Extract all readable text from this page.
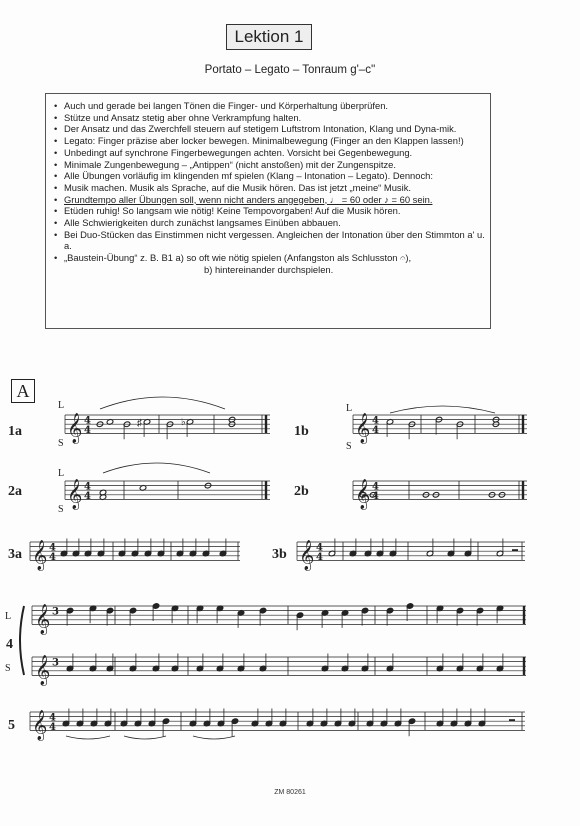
Lektion 1
Portato – Legato – Tonraum g'–c''
• Auch und gerade bei langen Tönen die Finger- und Körperhaltung überprüfen.
• Stütze und Ansatz stetig aber ohne Verkrampfung halten.
• Der Ansatz und das Zwerchfell steuern auf stetigem Luftstrom Intonation, Klang und Dyna-mik.
• Legato: Finger präzise aber locker bewegen. Minimalbewegung (Finger an den Klappen lassen!)
• Unbedingt auf synchrone Fingerbewegungen achten. Vorsicht bei Gegenbewegung.
• Minimale Zungenbewegung – „Antippen“ (nicht anstoßen) mit der Zungenspitze.
• Alle Übungen vorläufig im klingenden mf spielen (Klang – Intonation – Legato). Dennoch:
• Musik machen. Musik als Sprache, auf die Musik hören. Das ist jetzt „meine“ Musik.
• Grundtempo aller Übungen soll, wenn nicht anders angegeben, ♩ = 60 oder ♪ = 60 sein.
• Etüden ruhig! So langsam wie nötig! Keine Tempovorgaben! Auf die Musik hören.
• Alle Schwierigkeiten durch zunächst langsames Einüben abbauen.
• Bei Duo-Stücken das Einstimmen nicht vergessen. Angleichen der Intonation über den Stimmton a' u. a.
• „Baustein-Übung“ z. B. B1 a) so oft wie nötig spielen (Anfangston als Schlusston 𝄐),
b) hintereinander durchspielen.
A
1a	1b
2a	2b
3a	3b
4
5
L
S
L
S
L
S
L
S
𝄞 4
4
♯	♭	𝄞 4
4
𝄞 4
4	𝄞 4
4
𝄞 4
4	𝄞 4
4
𝄞 3
𝄞 3
𝄞 4
4
ZM 80261
